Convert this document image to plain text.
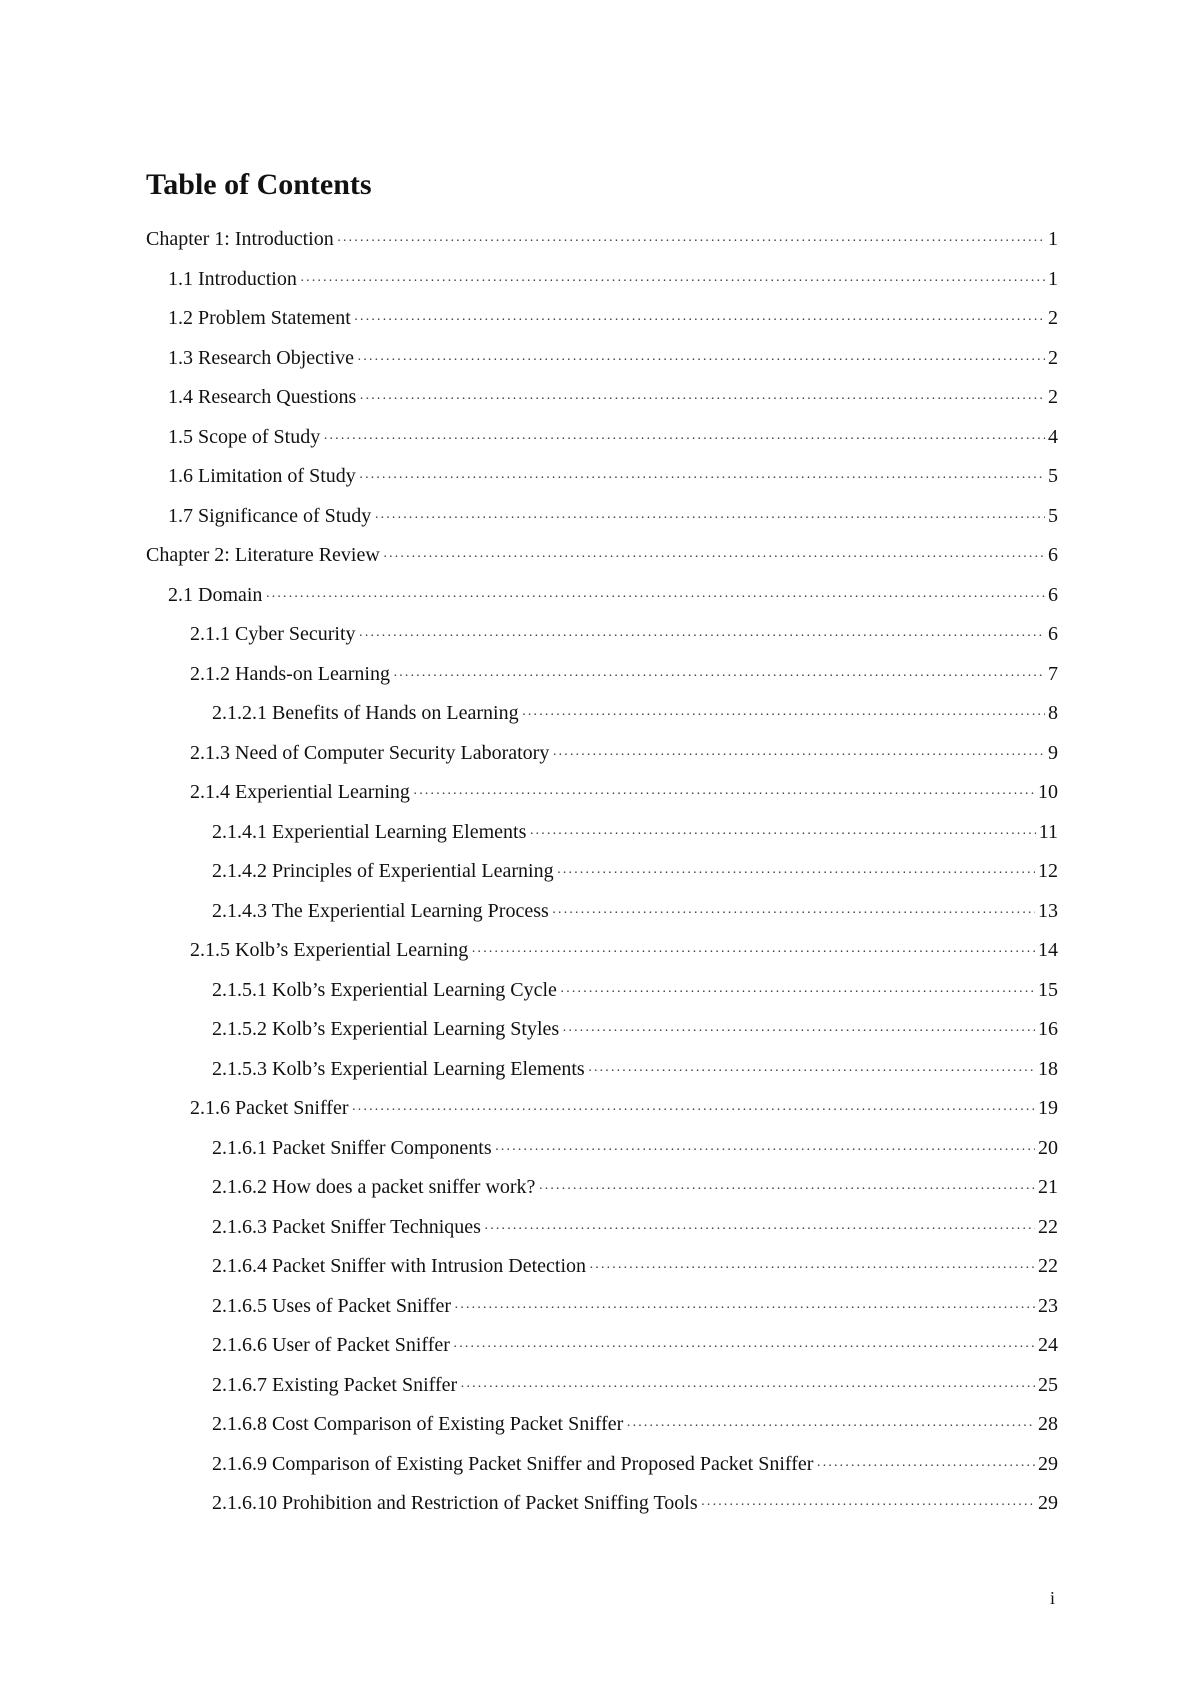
Table of Contents
Chapter 1: Introduction ·····	1
1.1 Introduction ·····	1
1.2 Problem Statement ·····	2
1.3 Research Objective ·····	2
1.4 Research Questions ·····	2
1.5 Scope of Study ·····	4
1.6 Limitation of Study ·····	5
1.7 Significance of Study ·····	5
Chapter 2: Literature Review ·····	6
2.1 Domain ·····	6
2.1.1 Cyber Security ·····	6
2.1.2 Hands-on Learning ·····	7
2.1.2.1 Benefits of Hands on Learning ·····	8
2.1.3 Need of Computer Security Laboratory ·····	9
2.1.4 Experiential Learning ·····	10
2.1.4.1 Experiential Learning Elements ·····	11
2.1.4.2 Principles of Experiential Learning ·····	12
2.1.4.3 The Experiential Learning Process ·····	13
2.1.5 Kolb’s Experiential Learning ·····	14
2.1.5.1 Kolb’s Experiential Learning Cycle ·····	15
2.1.5.2 Kolb’s Experiential Learning Styles ·····	16
2.1.5.3 Kolb’s Experiential Learning Elements ·····	18
2.1.6 Packet Sniffer ·····	19
2.1.6.1 Packet Sniffer Components ·····	20
2.1.6.2 How does a packet sniffer work? ·····	21
2.1.6.3 Packet Sniffer Techniques ·····	22
2.1.6.4 Packet Sniffer with Intrusion Detection ·····	22
2.1.6.5 Uses of Packet Sniffer ·····	23
2.1.6.6 User of Packet Sniffer ·····	24
2.1.6.7 Existing Packet Sniffer ·····	25
2.1.6.8 Cost Comparison of Existing Packet Sniffer ·····	28
2.1.6.9 Comparison of Existing Packet Sniffer and Proposed Packet Sniffer ·····	29
2.1.6.10 Prohibition and Restriction of Packet Sniffing Tools ·····	29
i
